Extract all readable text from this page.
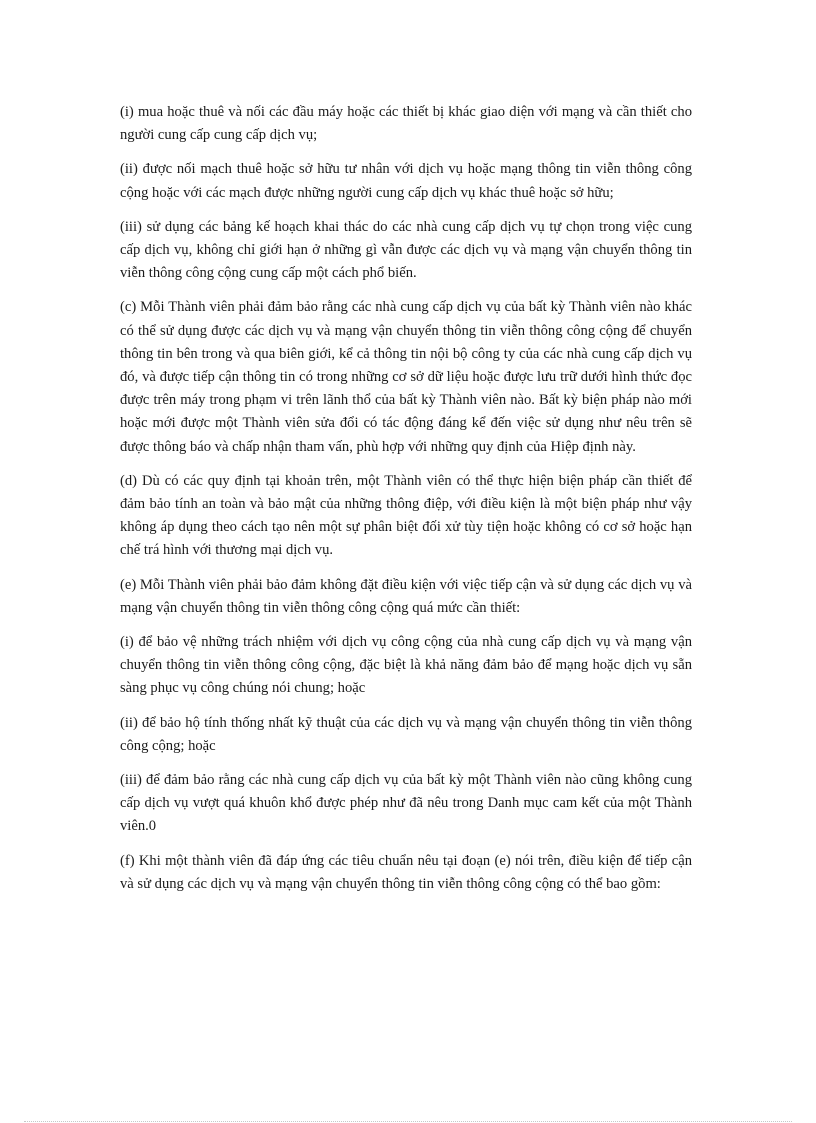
(i) mua hoặc thuê và nối các đầu máy hoặc các thiết bị khác giao diện với mạng và cần thiết cho người cung cấp cung cấp dịch vụ;

(ii) được nối mạch thuê hoặc sở hữu tư nhân với dịch vụ hoặc mạng thông tin viễn thông công cộng hoặc với các mạch được những người cung cấp dịch vụ khác thuê hoặc sở hữu;

(iii) sử dụng các bảng kế hoạch khai thác do các nhà cung cấp dịch vụ tự chọn trong việc cung cấp dịch vụ, không chỉ giới hạn ở những gì vẫn được các dịch vụ và mạng vận chuyển thông tin viễn thông công cộng cung cấp một cách phổ biến.

(c) Mỗi Thành viên phải đảm bảo rằng các nhà cung cấp dịch vụ của bất kỳ Thành viên nào khác có thể sử dụng được các dịch vụ và mạng vận chuyển thông tin viễn thông công cộng để chuyển thông tin bên trong và qua biên giới, kể cả thông tin nội bộ công ty của các nhà cung cấp dịch vụ đó, và được tiếp cận thông tin có trong những cơ sở dữ liệu hoặc được lưu trữ dưới hình thức đọc được trên máy trong phạm vi trên lãnh thổ của bất kỳ Thành viên nào. Bất kỳ biện pháp nào mới hoặc mới được một Thành viên sửa đổi có tác động đáng kể đến việc sử dụng như nêu trên sẽ được thông báo và chấp nhận tham vấn, phù hợp với những quy định của Hiệp định này.

(d) Dù có các quy định tại khoản trên, một Thành viên có thể thực hiện biện pháp cần thiết để đảm bảo tính an toàn và bảo mật của những thông điệp, với điều kiện là một biện pháp như vậy không áp dụng theo cách tạo nên một sự phân biệt đối xử tùy tiện hoặc không có cơ sở hoặc hạn chế trá hình với thương mại dịch vụ.

(e) Mỗi Thành viên phải bảo đảm không đặt điều kiện với việc tiếp cận và sử dụng các dịch vụ và mạng vận chuyển thông tin viễn thông công cộng quá mức cần thiết:

(i) để bảo vệ những trách nhiệm với dịch vụ công cộng của nhà cung cấp dịch vụ và mạng vận chuyển thông tin viễn thông công cộng, đặc biệt là khả năng đảm bảo để mạng hoặc dịch vụ sẵn sàng phục vụ công chúng nói chung; hoặc

(ii) để bảo hộ tính thống nhất kỹ thuật của các dịch vụ và mạng vận chuyển thông tin viễn thông công cộng; hoặc

(iii) để đảm bảo rằng các nhà cung cấp dịch vụ của bất kỳ một Thành viên nào cũng không cung cấp dịch vụ vượt quá khuôn khổ được phép như đã nêu trong Danh mục cam kết của một Thành viên.0

(f) Khi một thành viên đã đáp ứng các tiêu chuẩn nêu tại đoạn (e) nói trên, điều kiện để tiếp cận và sử dụng các dịch vụ và mạng vận chuyển thông tin viễn thông công cộng có thể bao gồm:
